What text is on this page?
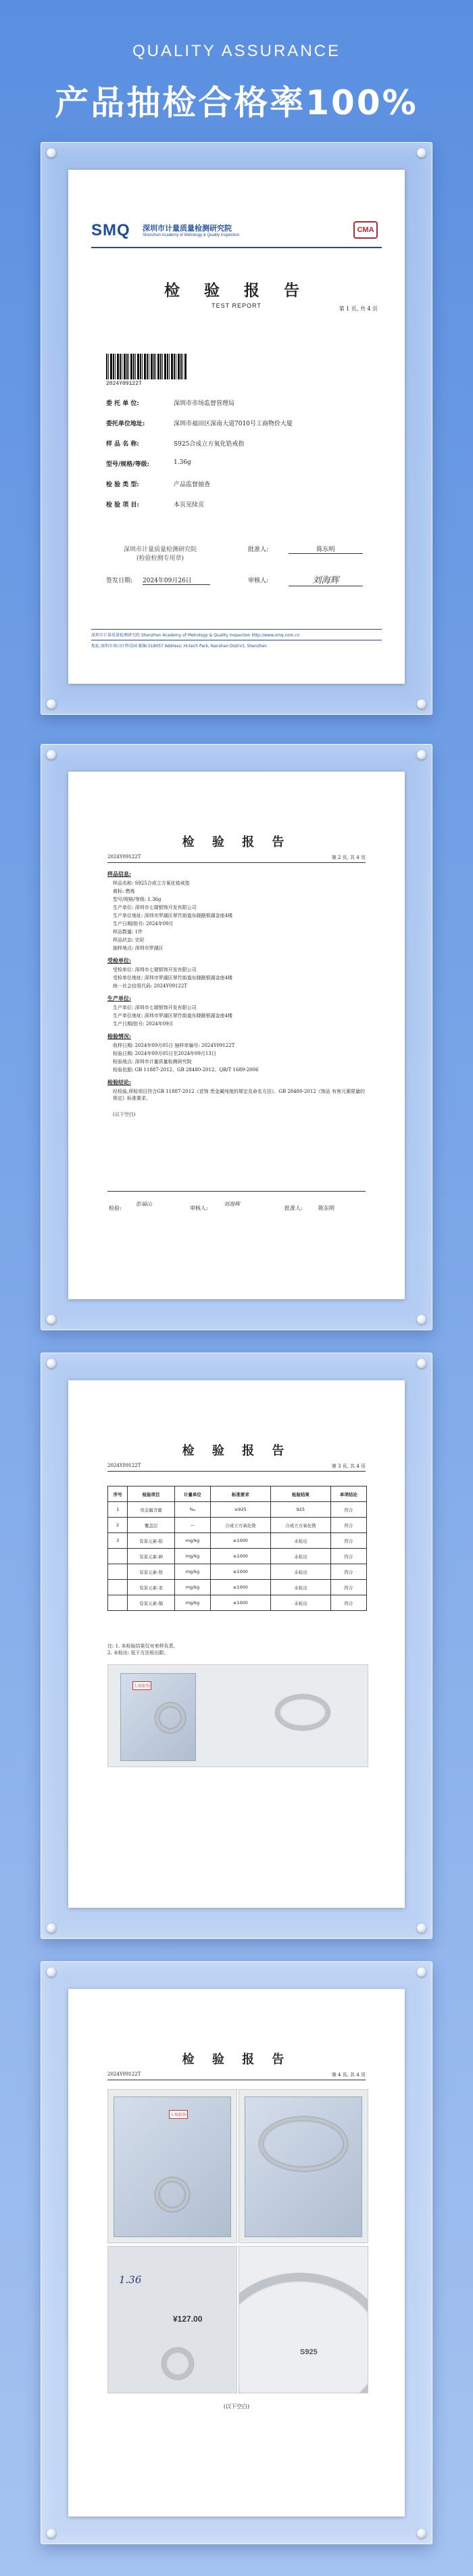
QUALITY ASSURANCE
产品抽检合格率100%
SMQ 深圳市计量质量检测研究院
Shenzhen Academy of Metrology & Quality Inspection
CMA
检 验 报 告
TEST REPORT	第 1 页, 共 4 页
2024Y09122T
委 托 单 位:	深圳市市场监督管理局
委托单位地址:	深圳市福田区深南大道7010号工商物价大厦
样 品 名 称:	S925合成立方氧化锆戒指
型号/规格/等级:	1.36g
检 验 类 型:	产品监督抽查
检 验 项 目:	本页见续页
深圳市计量质量检测研究院
(检验检测专用章)
批准人:	陈东明
签发日期: 2024年09月26日	审核人:	刘海辉
深圳市计量质量检测研究院 Shenzhen Academy of Metrology & Quality Inspection http://www.smq.com.cn
地址:深圳市南山区科技园 邮编:518057 Address: Hi-tech Park, Nanshan District, Shenzhen
检 验 报 告
2024Y09122T	第 2 页, 共 4 页
样品信息:
样品名称: S925合成立方氧化锆戒指
商标: 燃炼
型号/规格/等级: 1.36g
生产单位: 深圳市七瑞银饰开发有限公司
生产单位地址: 深圳市罗湖区翠竹街道东晓路银湖金座4楼
生产日期/批号: 2024年09月
样品数量: 1件
样品状态: 完好
抽样地点: 深圳市罗湖区
受检单位:
受检单位: 深圳市七瑞银饰开发有限公司
受检单位地址: 深圳市罗湖区翠竹街道东晓路银湖金座4楼
统一社会信用代码: 2024Y09122T
生产单位:
生产单位: 深圳市七瑞银饰开发有限公司
生产单位地址: 深圳市罗湖区翠竹街道东晓路银湖金座4楼
生产日期/批号: 2024年09月
检验情况:
收样日期: 2024年09月05日 抽样单编号: 2024Y09122T
检验日期: 2024年09月05日至2024年09月13日
检验地点: 深圳市计量质量检测研究院
检验依据: GB 11887-2012、GB 28480-2012、QB/T 1689-2006
检验结论:
经检验,所检项目符合GB 11887-2012《首饰 贵金属纯度的规定及命名方法》、GB 28480-2012《饰品 有害元素限量的规定》标准要求。
(以下空白)
检验:
彭福山
审核人:
刘海辉
批准人:	陈东明
检 验 报 告
2024Y09122T	第 3 页, 共 4 页
序号	检验项目	计量单位	标准要求	检验结果	单项结论
1	贵金属含量	‰	≥925	925	符合
2	覆盖层	—	合成立方氧化锆	合成立方氧化锆	符合
3	有害元素-铅	mg/kg	≤1000	未检出	符合
	有害元素-砷	mg/kg	≤1000	未检出	符合
	有害元素-铬	mg/kg	≤1000	未检出	符合
	有害元素-汞	mg/kg	≤1000	未检出	符合
	有害元素-镉	mg/kg	≤1000	未检出	符合
注: 1. 本检验结果仅对来样负责。
2. 未检出: 低于方法检出限。
七瑞银饰
检 验 报 告
2024Y09122T	第 4 页, 共 4 页
七瑞银饰
1.36
¥127.00
S925
(以下空白)
